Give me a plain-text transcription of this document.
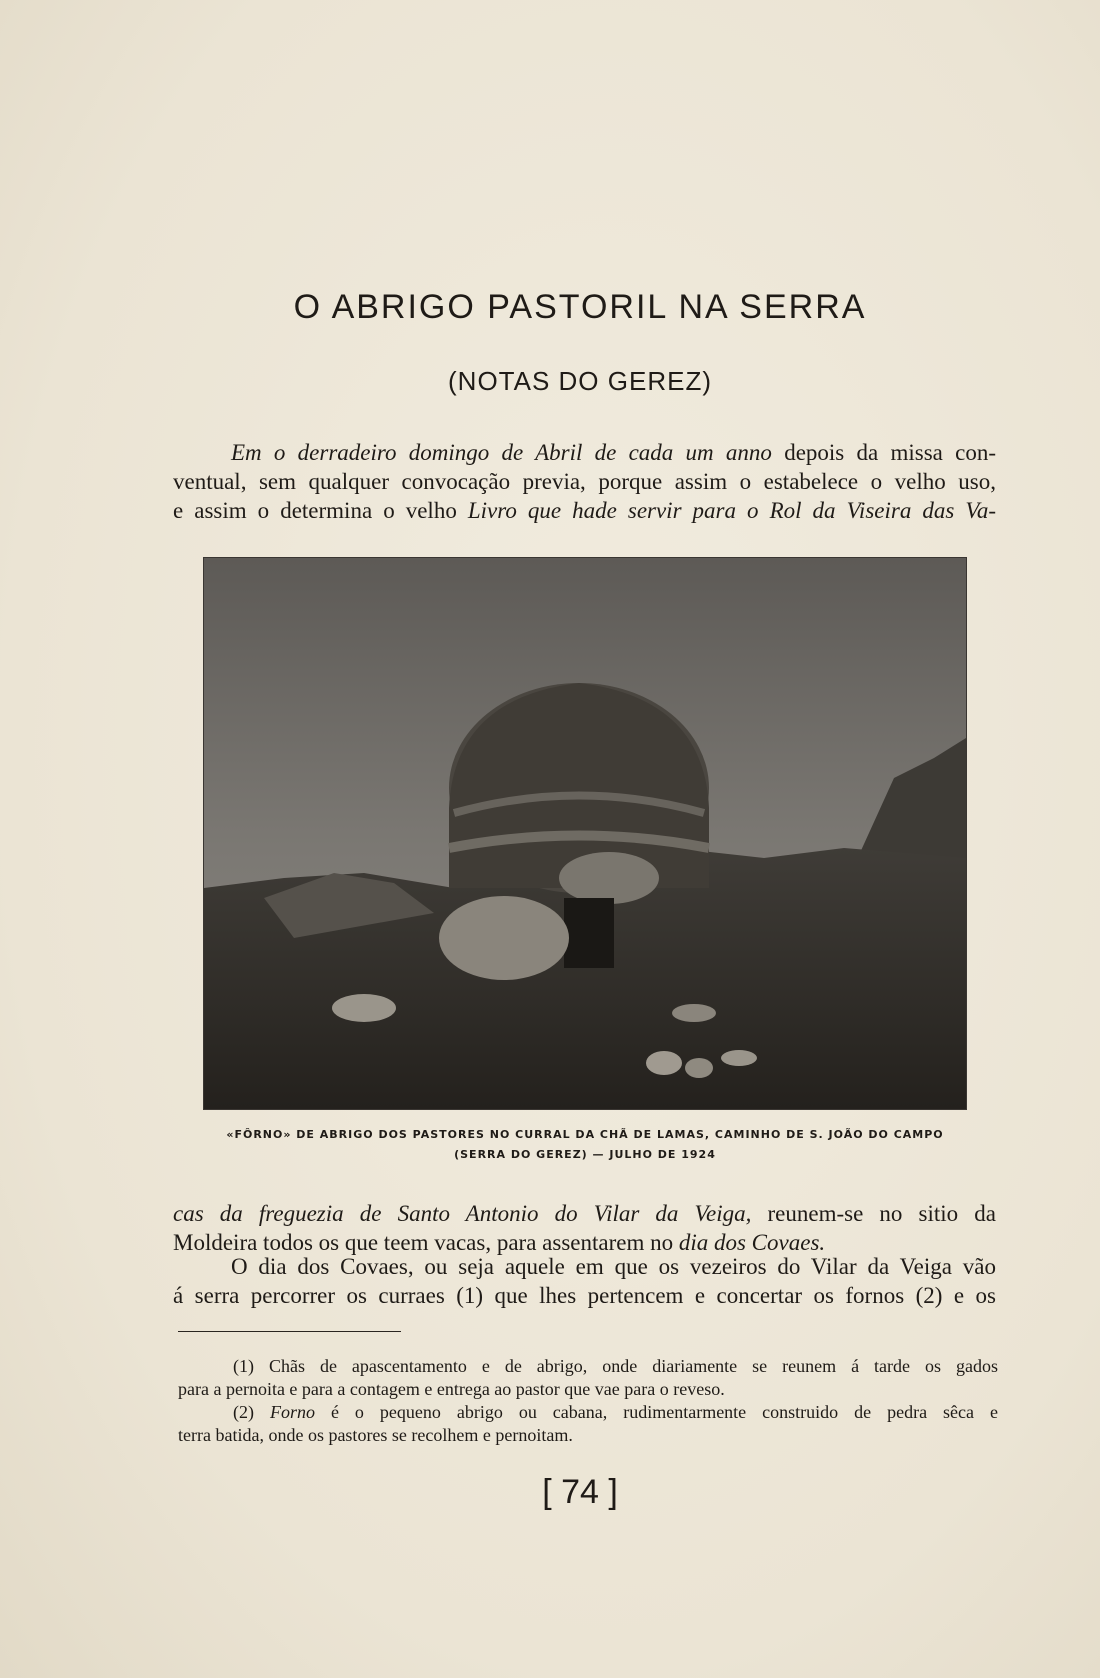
O ABRIGO PASTORIL NA SERRA
(NOTAS DO GEREZ)
Em o derradeiro domingo de Abril de cada um anno depois da missa con-
ventual, sem qualquer convocação previa, porque assim o estabelece o velho uso,
e assim o determina o velho Livro que hade servir para o Rol da Viseira das Va-
«FÔRNO» DE ABRIGO DOS PASTORES NO CURRAL DA CHÃ DE LAMAS, CAMINHO DE S. JOÃO DO CAMPO
(SERRA DO GEREZ) — JULHO DE 1924
cas da freguezia de Santo Antonio do Vilar da Veiga, reunem-se no sitio da
Moldeira todos os que teem vacas, para assentarem no dia dos Covaes.
O dia dos Covaes, ou seja aquele em que os vezeiros do Vilar da Veiga vão
á serra percorrer os curraes (1) que lhes pertencem e concertar os fornos (2) e os
(1) Chãs de apascentamento e de abrigo, onde diariamente se reunem á tarde os gados
para a pernoita e para a contagem e entrega ao pastor que vae para o reveso.
(2) Forno é o pequeno abrigo ou cabana, rudimentarmente construido de pedra sêca e
terra batida, onde os pastores se recolhem e pernoitam.
[ 74 ]
